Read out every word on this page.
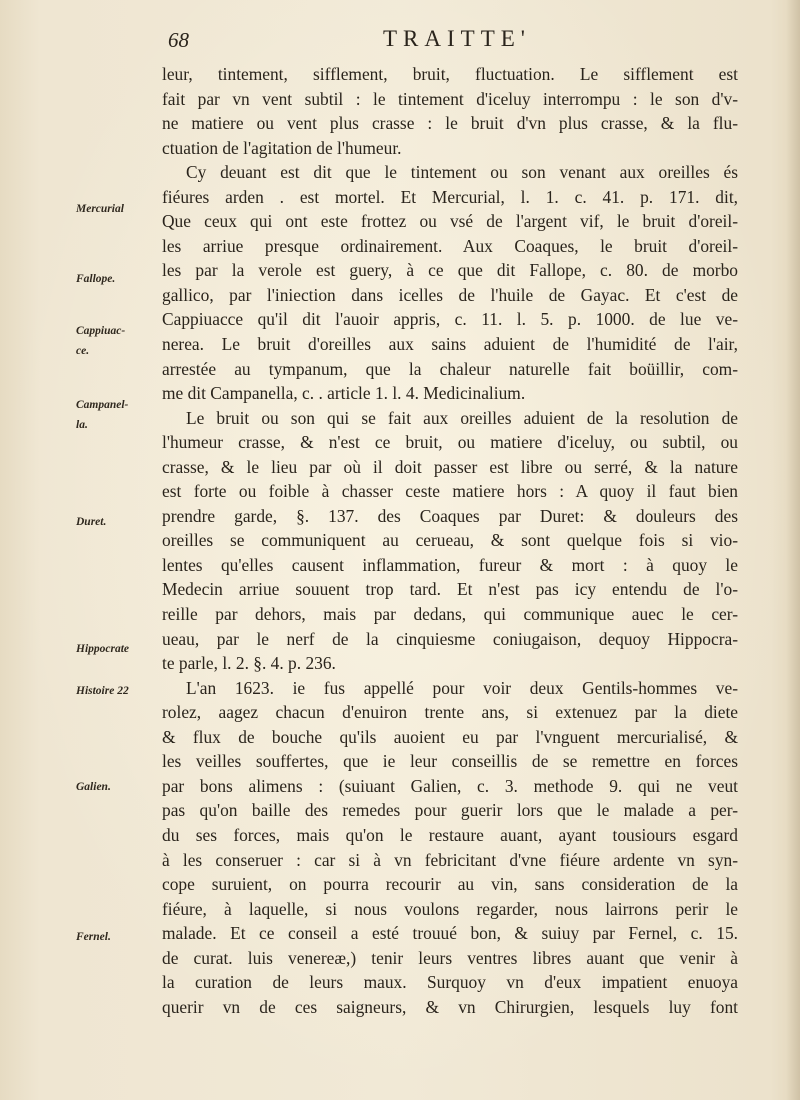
68	TRAITTE'
Mercurial
Fallope.
Cappiuac-
ce.
Campanel-
la.
Duret.
Hippocrate
Histoire 22
Galien.
Fernel.
leur, tintement, sifflement, bruit, fluctuation. Le sifflement est
fait par vn vent subtil : le tintement d'iceluy interrompu : le son d'v-
ne matiere ou vent plus crasse : le bruit d'vn plus crasse, & la flu-
ctuation de l'agitation de l'humeur.
Cy deuant est dit que le tintement ou son venant aux oreilles és
fiéures arden . est mortel. Et Mercurial, l. 1. c. 41. p. 171. dit,
Que ceux qui ont este frottez ou vsé de l'argent vif, le bruit d'oreil-
les arriue presque ordinairement. Aux Coaques, le bruit d'oreil-
les par la verole est guery, à ce que dit Fallope, c. 80. de morbo
gallico, par l'iniection dans icelles de l'huile de Gayac. Et c'est de
Cappiuacce qu'il dit l'auoir appris, c. 11. l. 5. p. 1000. de lue ve-
nerea. Le bruit d'oreilles aux sains aduient de l'humidité de l'air,
arrestée au tympanum, que la chaleur naturelle fait boüillir, com-
me dit Campanella, c. . article 1. l. 4. Medicinalium.
Le bruit ou son qui se fait aux oreilles aduient de la resolution de
l'humeur crasse, & n'est ce bruit, ou matiere d'iceluy, ou subtil, ou
crasse, & le lieu par où il doit passer est libre ou serré, & la nature
est forte ou foible à chasser ceste matiere hors : A quoy il faut bien
prendre garde, §. 137. des Coaques par Duret: & douleurs des
oreilles se communiquent au cerueau, & sont quelque fois si vio-
lentes qu'elles causent inflammation, fureur & mort : à quoy le
Medecin arriue souuent trop tard. Et n'est pas icy entendu de l'o-
reille par dehors, mais par dedans, qui communique auec le cer-
ueau, par le nerf de la cinquiesme coniugaison, dequoy Hippocra-
te parle, l. 2. §. 4. p. 236.
L'an 1623. ie fus appellé pour voir deux Gentils-hommes ve-
rolez, aagez chacun d'enuiron trente ans, si extenuez par la diete
& flux de bouche qu'ils auoient eu par l'vnguent mercurialisé, &
les veilles souffertes, que ie leur conseillis de se remettre en forces
par bons alimens : (suiuant Galien, c. 3. methode 9. qui ne veut
pas qu'on baille des remedes pour guerir lors que le malade a per-
du ses forces, mais qu'on le restaure auant, ayant tousiours esgard
à les conseruer : car si à vn febricitant d'vne fiéure ardente vn syn-
cope suruient, on pourra recourir au vin, sans consideration de la
fiéure, à laquelle, si nous voulons regarder, nous lairrons perir le
malade. Et ce conseil a esté trouué bon, & suiuy par Fernel, c. 15.
de curat. luis venereæ,) tenir leurs ventres libres auant que venir à
la curation de leurs maux. Surquoy vn d'eux impatient enuoya
querir vn de ces saigneurs, & vn Chirurgien, lesquels luy font
